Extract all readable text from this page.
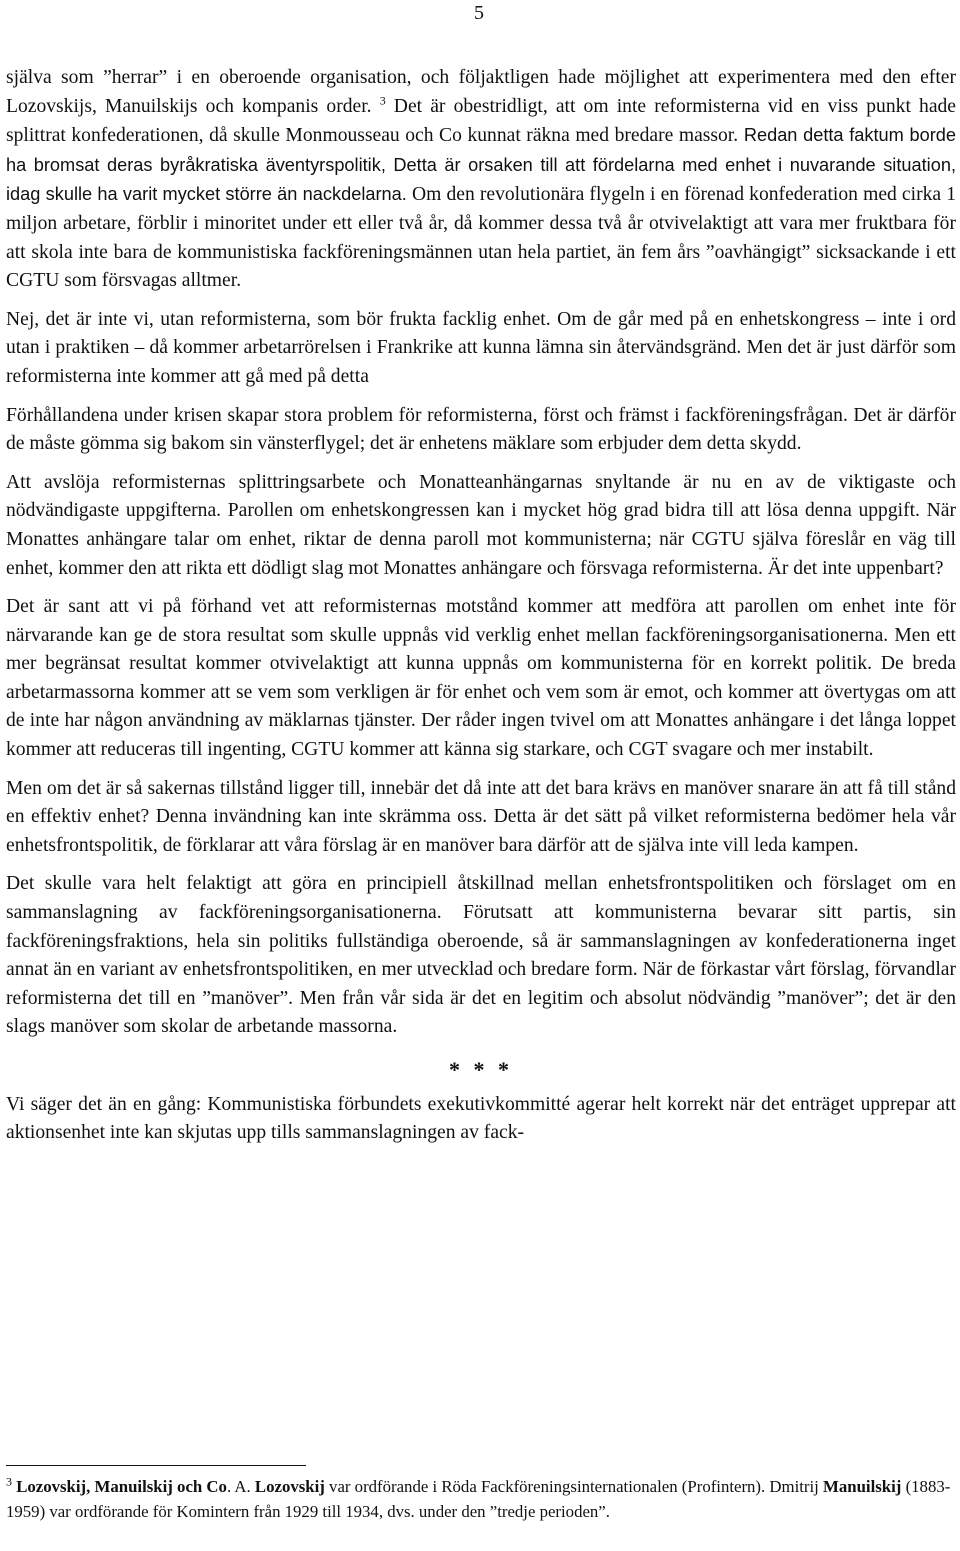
5

själva som ”herrar” i en oberoende organisation, och följaktligen hade möjlighet att experimentera med den efter Lozovskijs, Manuilskijs och kompanis order. $^3$ Det är obestridligt, att om inte reformisterna vid en viss punkt hade splittrat konfederationen, då skulle Monmousseau och Co kunnat räkna med bredare massor. Redan detta faktum borde ha bromsat deras byråkratiska äventyrspolitik, Detta är orsaken till att fördelarna med enhet i nuvarande situation, idag skulle ha varit mycket större än nackdelarna. Om den revolutionära flygeln i en förenad konfederation med cirka 1 miljon arbetare, förblir i minoritet under ett eller två år, då kommer dessa två år otvivelaktigt att vara mer fruktbara för att skola inte bara de kommunistiska fackföreningsmännen utan hela partiet, än fem års ”oavhängigt” sicksackande i ett CGTU som försvagas alltmer.

Nej, det är inte vi, utan reformisterna, som bör frukta facklig enhet. Om de går med på en enhetskongress – inte i ord utan i praktiken – då kommer arbetarrörelsen i Frankrike att kunna lämna sin återvändsgränd. Men det är just därför som reformisterna inte kommer att gå med på detta

Förhållandena under krisen skapar stora problem för reformisterna, först och främst i fackföreningsfrågan. Det är därför de måste gömma sig bakom sin vänsterflygel; det är enhetens mäklare som erbjuder dem detta skydd.

Att avslöja reformisternas splittringsarbete och Monatteanhängarnas snyltande är nu en av de viktigaste och nödvändigaste uppgifterna. Parollen om enhetskongressen kan i mycket hög grad bidra till att lösa denna uppgift. När Monattes anhängare talar om enhet, riktar de denna paroll mot kommunisterna; när CGTU själva föreslår en väg till enhet, kommer den att rikta ett dödligt slag mot Monattes anhängare och försvaga reformisterna. Är det inte uppenbart?

Det är sant att vi på förhand vet att reformisternas motstånd kommer att medföra att parollen om enhet inte för närvarande kan ge de stora resultat som skulle uppnås vid verklig enhet mellan fackföreningsorganisationerna. Men ett mer begränsat resultat kommer otvivelaktigt att kunna uppnås om kommunisterna för en korrekt politik. De breda arbetarmassorna kommer att se vem som verkligen är för enhet och vem som är emot, och kommer att övertygas om att de inte har någon användning av mäklarnas tjänster. Der råder ingen tvivel om att Monattes anhängare i det långa loppet kommer att reduceras till ingenting, CGTU kommer att känna sig starkare, och CGT svagare och mer instabilt.

Men om det är så sakernas tillstånd ligger till, innebär det då inte att det bara krävs en manöver snarare än att få till stånd en effektiv enhet? Denna invändning kan inte skrämma oss. Detta är det sätt på vilket reformisterna bedömer hela vår enhetsfrontspolitik, de förklarar att våra förslag är en manöver bara därför att de själva inte vill leda kampen.

Det skulle vara helt felaktigt att göra en principiell åtskillnad mellan enhetsfrontspolitiken och förslaget om en sammanslagning av fackföreningsorganisationerna. Förutsatt att kommunisterna bevarar sitt partis, sin fackföreningsfraktions, hela sin politiks fullständiga oberoende, så är sammanslagningen av konfederationerna inget annat än en variant av enhetsfrontspolitiken, en mer utvecklad och bredare form. När de förkastar vårt förslag, förvandlar reformisterna det till en ”manöver”. Men från vår sida är det en legitim och absolut nödvändig ”manöver”; det är den slags manöver som skolar de arbetande massorna.

* * *

Vi säger det än en gång: Kommunistiska förbundets exekutivkommitté agerar helt korrekt när det enträget upprepar att aktionsenhet inte kan skjutas upp tills sammanslagningen av fack-

$^3$ Lozovskij, Manuilskij och Co. A. Lozovskij var ordförande i Röda Fackföreningsinternationalen (Profintern). Dmitrij Manuilskij (1883-1959) var ordförande för Komintern från 1929 till 1934, dvs. under den ”tredje perioden”.
